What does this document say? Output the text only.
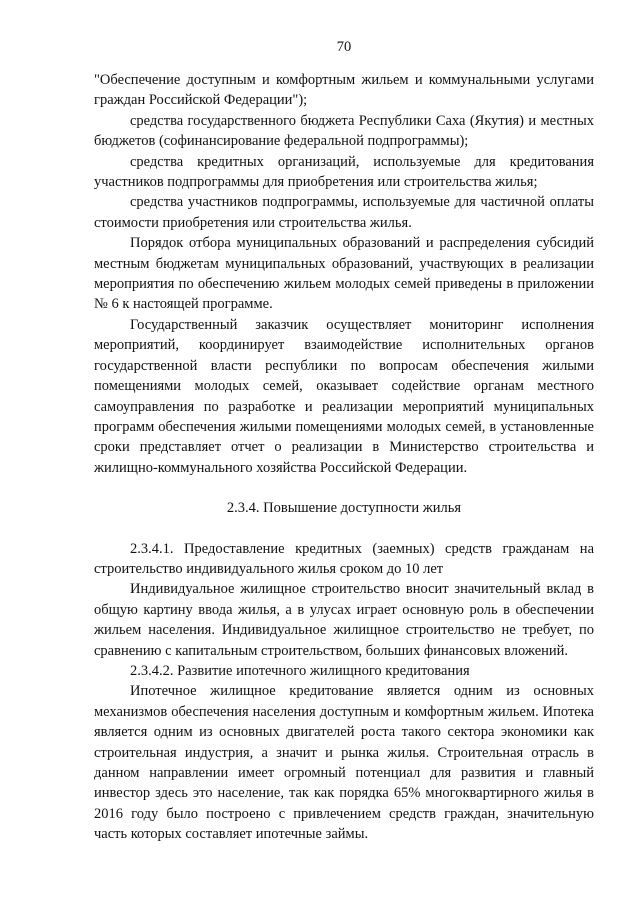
70

"Обеспечение доступным и комфортным жильем и коммунальными услугами граждан Российской Федерации");

средства государственного бюджета Республики Саха (Якутия) и местных бюджетов (софинансирование федеральной подпрограммы);

средства кредитных организаций, используемые для кредитования участников подпрограммы для приобретения или строительства жилья;

средства участников подпрограммы, используемые для частичной оплаты стоимости приобретения или строительства жилья.

Порядок отбора муниципальных образований и распределения субсидий местным бюджетам муниципальных образований, участвующих в реализации мероприятия по обеспечению жильем молодых семей приведены в приложении № 6 к настоящей программе.

Государственный заказчик осуществляет мониторинг исполнения мероприятий, координирует взаимодействие исполнительных органов государственной власти республики по вопросам обеспечения жилыми помещениями молодых семей, оказывает содействие органам местного самоуправления по разработке и реализации мероприятий муниципальных программ обеспечения жилыми помещениями молодых семей, в установленные сроки представляет отчет о реализации в Министерство строительства и жилищно-коммунального хозяйства Российской Федерации.

2.3.4. Повышение доступности жилья

2.3.4.1. Предоставление кредитных (заемных) средств гражданам на строительство индивидуального жилья сроком до 10 лет

Индивидуальное жилищное строительство вносит значительный вклад в общую картину ввода жилья, а в улусах играет основную роль в обеспечении жильем населения. Индивидуальное жилищное строительство не требует, по сравнению с капитальным строительством, больших финансовых вложений.

2.3.4.2. Развитие ипотечного жилищного кредитования

Ипотечное жилищное кредитование является одним из основных механизмов обеспечения населения доступным и комфортным жильем. Ипотека является одним из основных двигателей роста такого сектора экономики как строительная индустрия, а значит и рынка жилья. Строительная отрасль в данном направлении имеет огромный потенциал для развития и главный инвестор здесь это население, так как порядка 65% многоквартирного жилья в 2016 году было построено с привлечением средств граждан, значительную часть которых составляет ипотечные займы.
